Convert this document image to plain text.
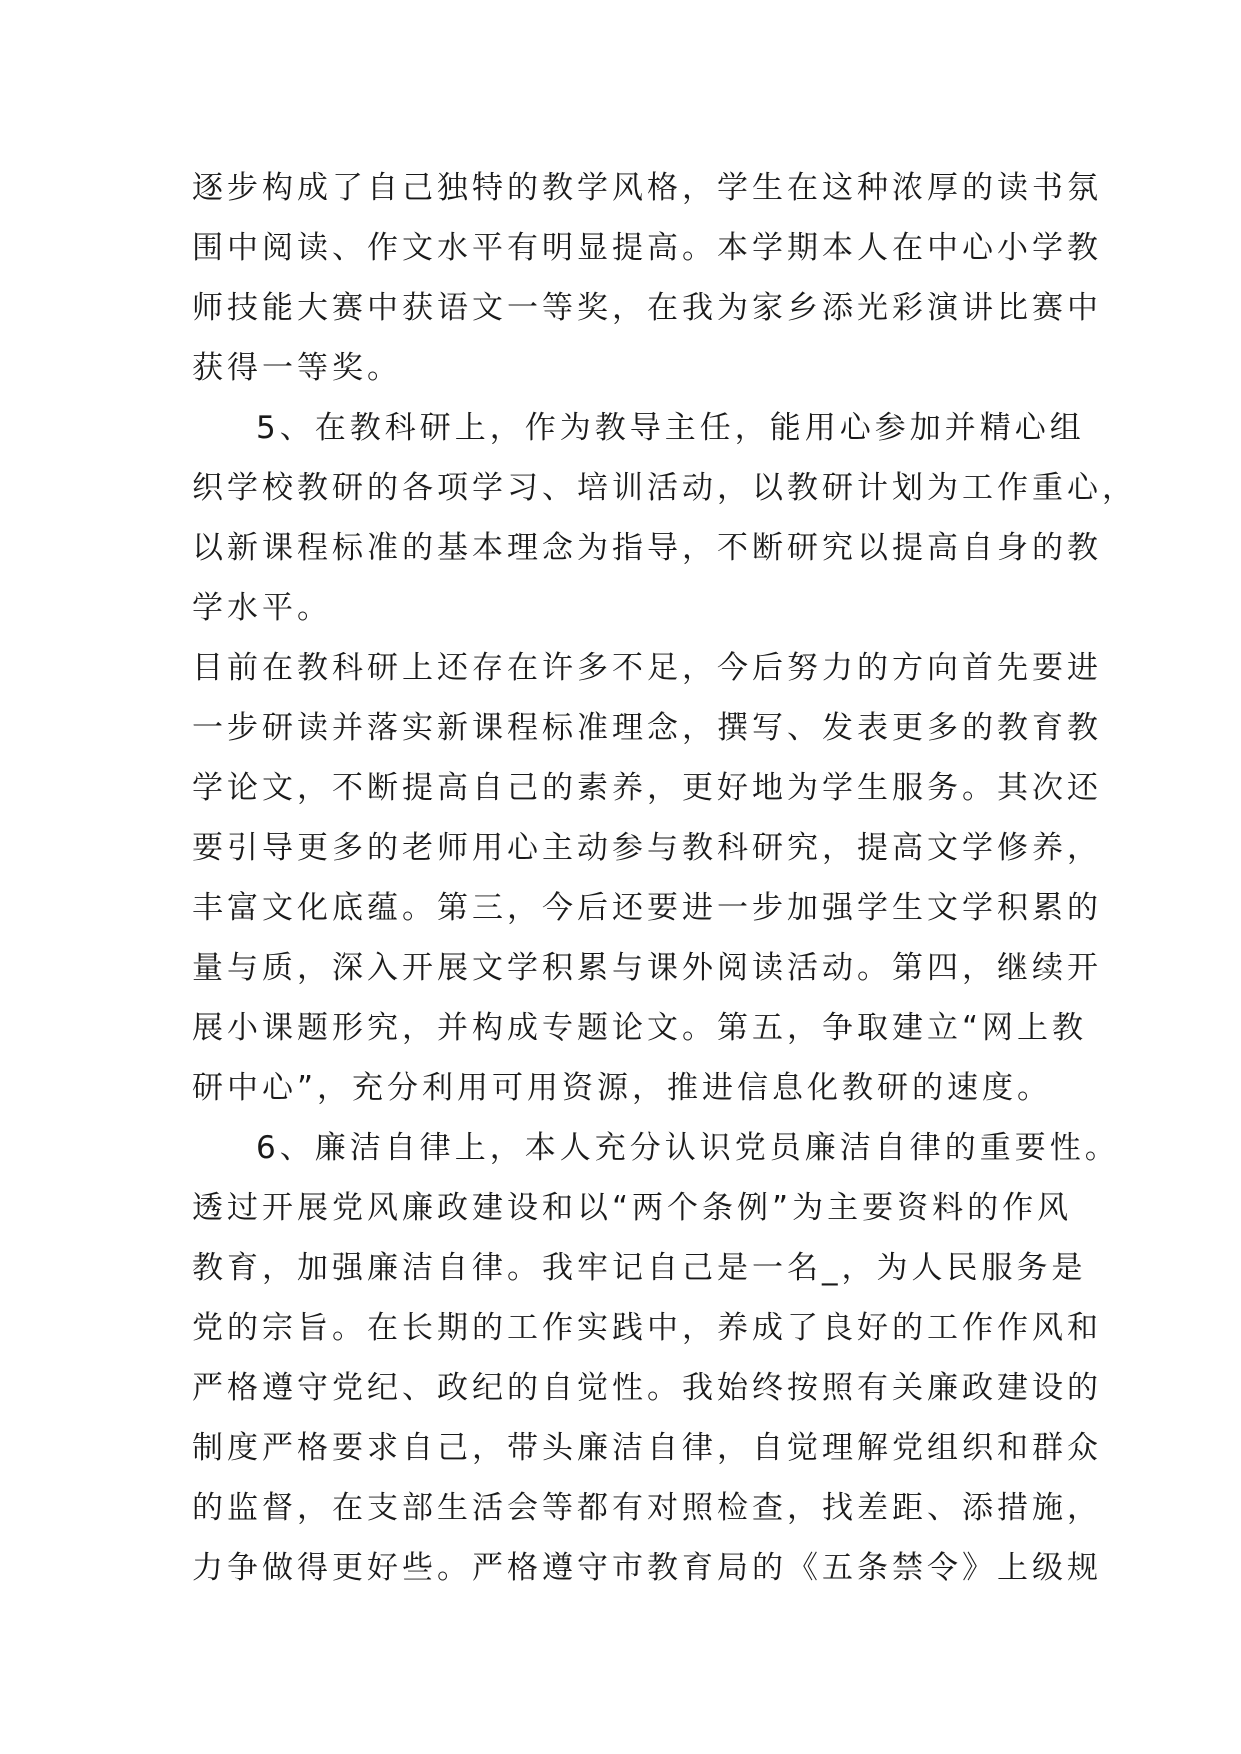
逐步构成了自己独特的教学风格，学生在这种浓厚的读书氛
围中阅读、作文水平有明显提高。本学期本人在中心小学教
师技能大赛中获语文一等奖，在我为家乡添光彩演讲比赛中
获得一等奖。
5、在教科研上，作为教导主任，能用心参加并精心组
织学校教研的各项学习、培训活动，以教研计划为工作重心，
以新课程标准的基本理念为指导，不断研究以提高自身的教
学水平。
目前在教科研上还存在许多不足，今后努力的方向首先要进
一步研读并落实新课程标准理念，撰写、发表更多的教育教
学论文，不断提高自己的素养，更好地为学生服务。其次还
要引导更多的老师用心主动参与教科研究，提高文学修养，
丰富文化底蕴。第三，今后还要进一步加强学生文学积累的
量与质，深入开展文学积累与课外阅读活动。第四，继续开
展小课题形究，并构成专题论文。第五，争取建立“网上教
研中心”，充分利用可用资源，推进信息化教研的速度。
6、廉洁自律上，本人充分认识党员廉洁自律的重要性。
透过开展党风廉政建设和以“两个条例”为主要资料的作风
教育，加强廉洁自律。我牢记自己是一名_，为人民服务是
党的宗旨。在长期的工作实践中，养成了良好的工作作风和
严格遵守党纪、政纪的自觉性。我始终按照有关廉政建设的
制度严格要求自己，带头廉洁自律，自觉理解党组织和群众
的监督，在支部生活会等都有对照检查，找差距、添措施，
力争做得更好些。严格遵守市教育局的《五条禁令》上级规
